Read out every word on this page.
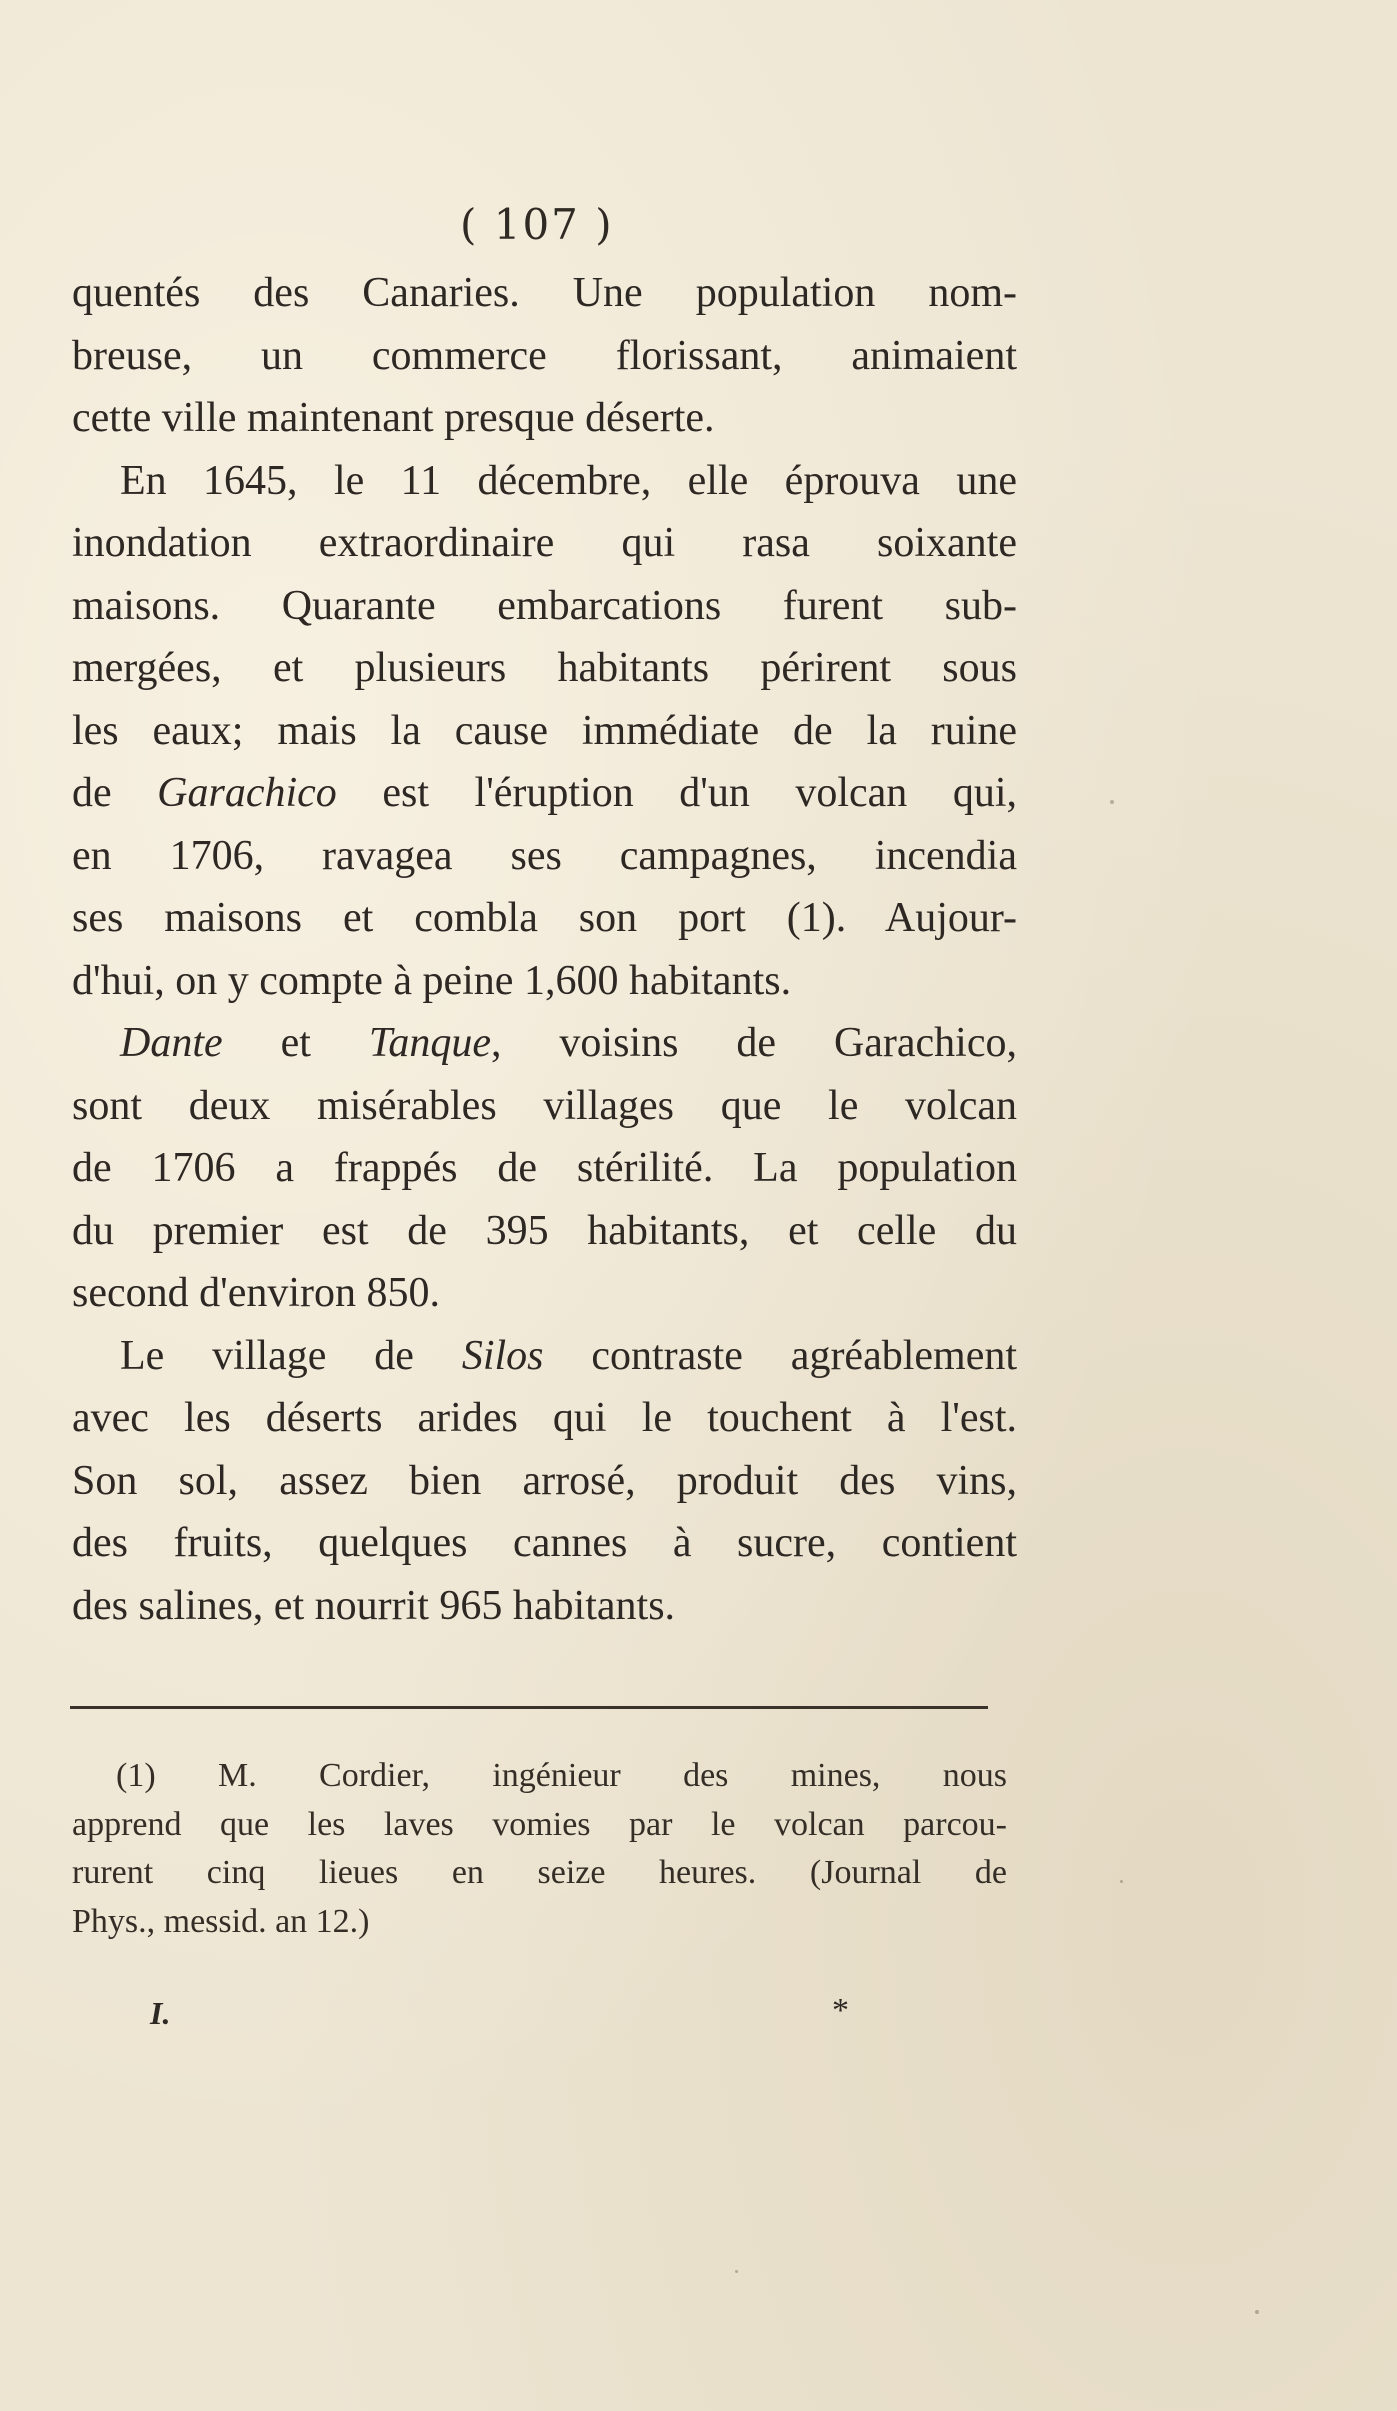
( 107 )
quentés des Canaries. Une population nom-
breuse, un commerce florissant, animaient
cette ville maintenant presque déserte.
En 1645, le 11 décembre, elle éprouva une
inondation extraordinaire qui rasa soixante
maisons. Quarante embarcations furent sub-
mergées, et plusieurs habitants périrent sous
les eaux; mais la cause immédiate de la ruine
de Garachico est l'éruption d'un volcan qui,
en 1706, ravagea ses campagnes, incendia
ses maisons et combla son port (1). Aujour-
d'hui, on y compte à peine 1,600 habitants.
Dante et Tanque, voisins de Garachico,
sont deux misérables villages que le volcan
de 1706 a frappés de stérilité. La population
du premier est de 395 habitants, et celle du
second d'environ 850.
Le village de Silos contraste agréablement
avec les déserts arides qui le touchent à l'est.
Son sol, assez bien arrosé, produit des vins,
des fruits, quelques cannes à sucre, contient
des salines, et nourrit 965 habitants.
(1) M. Cordier, ingénieur des mines, nous
apprend que les laves vomies par le volcan parcou-
rurent cinq lieues en seize heures. (Journal de
Phys., messid. an 12.)
I.	*
